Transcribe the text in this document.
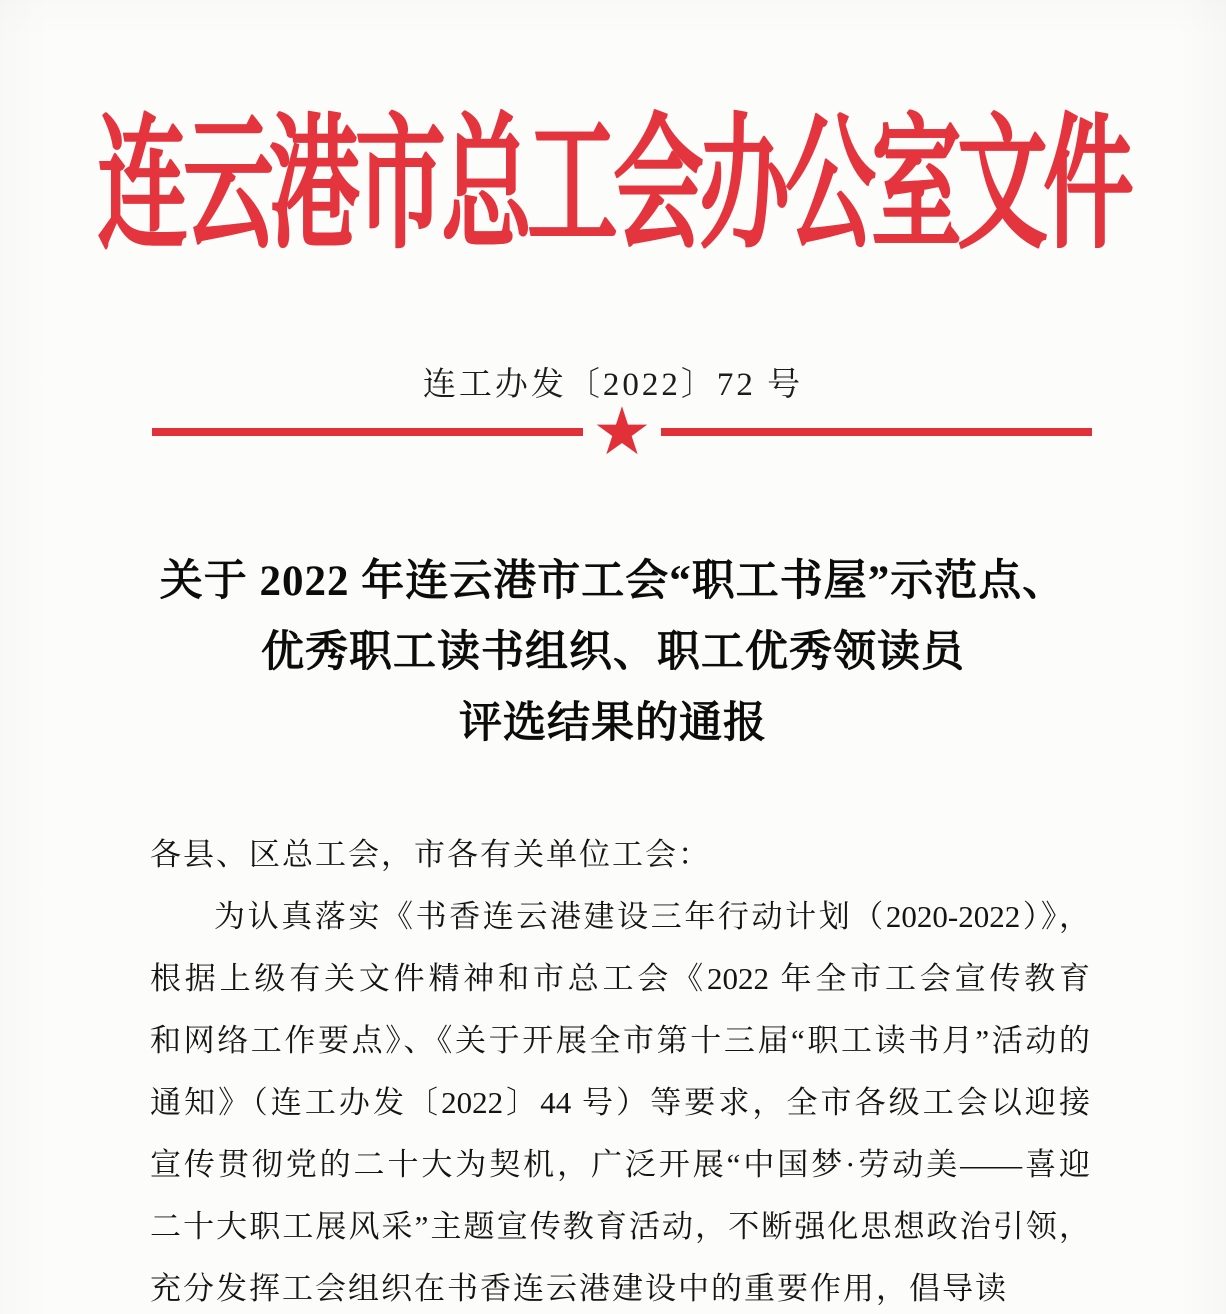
连云港市总工会办公室文件
连工办发〔2022〕72 号
★
关于 2022 年连云港市工会“职工书屋”示范点、
优秀职工读书组织、职工优秀领读员
评选结果的通报
各县、区总工会，市各有关单位工会：
为认真落实《书香连云港建设三年行动计划（2020-2022）》，
根据上级有关文件精神和市总工会《2022 年全市工会宣传教育
和网络工作要点》、《关于开展全市第十三届“职工读书月”活动的
通知》（连工办发〔2022〕44 号）等要求，全市各级工会以迎接
宣传贯彻党的二十大为契机，广泛开展“中国梦·劳动美——喜迎
二十大职工展风采”主题宣传教育活动，不断强化思想政治引领，
充分发挥工会组织在书香连云港建设中的重要作用，倡导读
